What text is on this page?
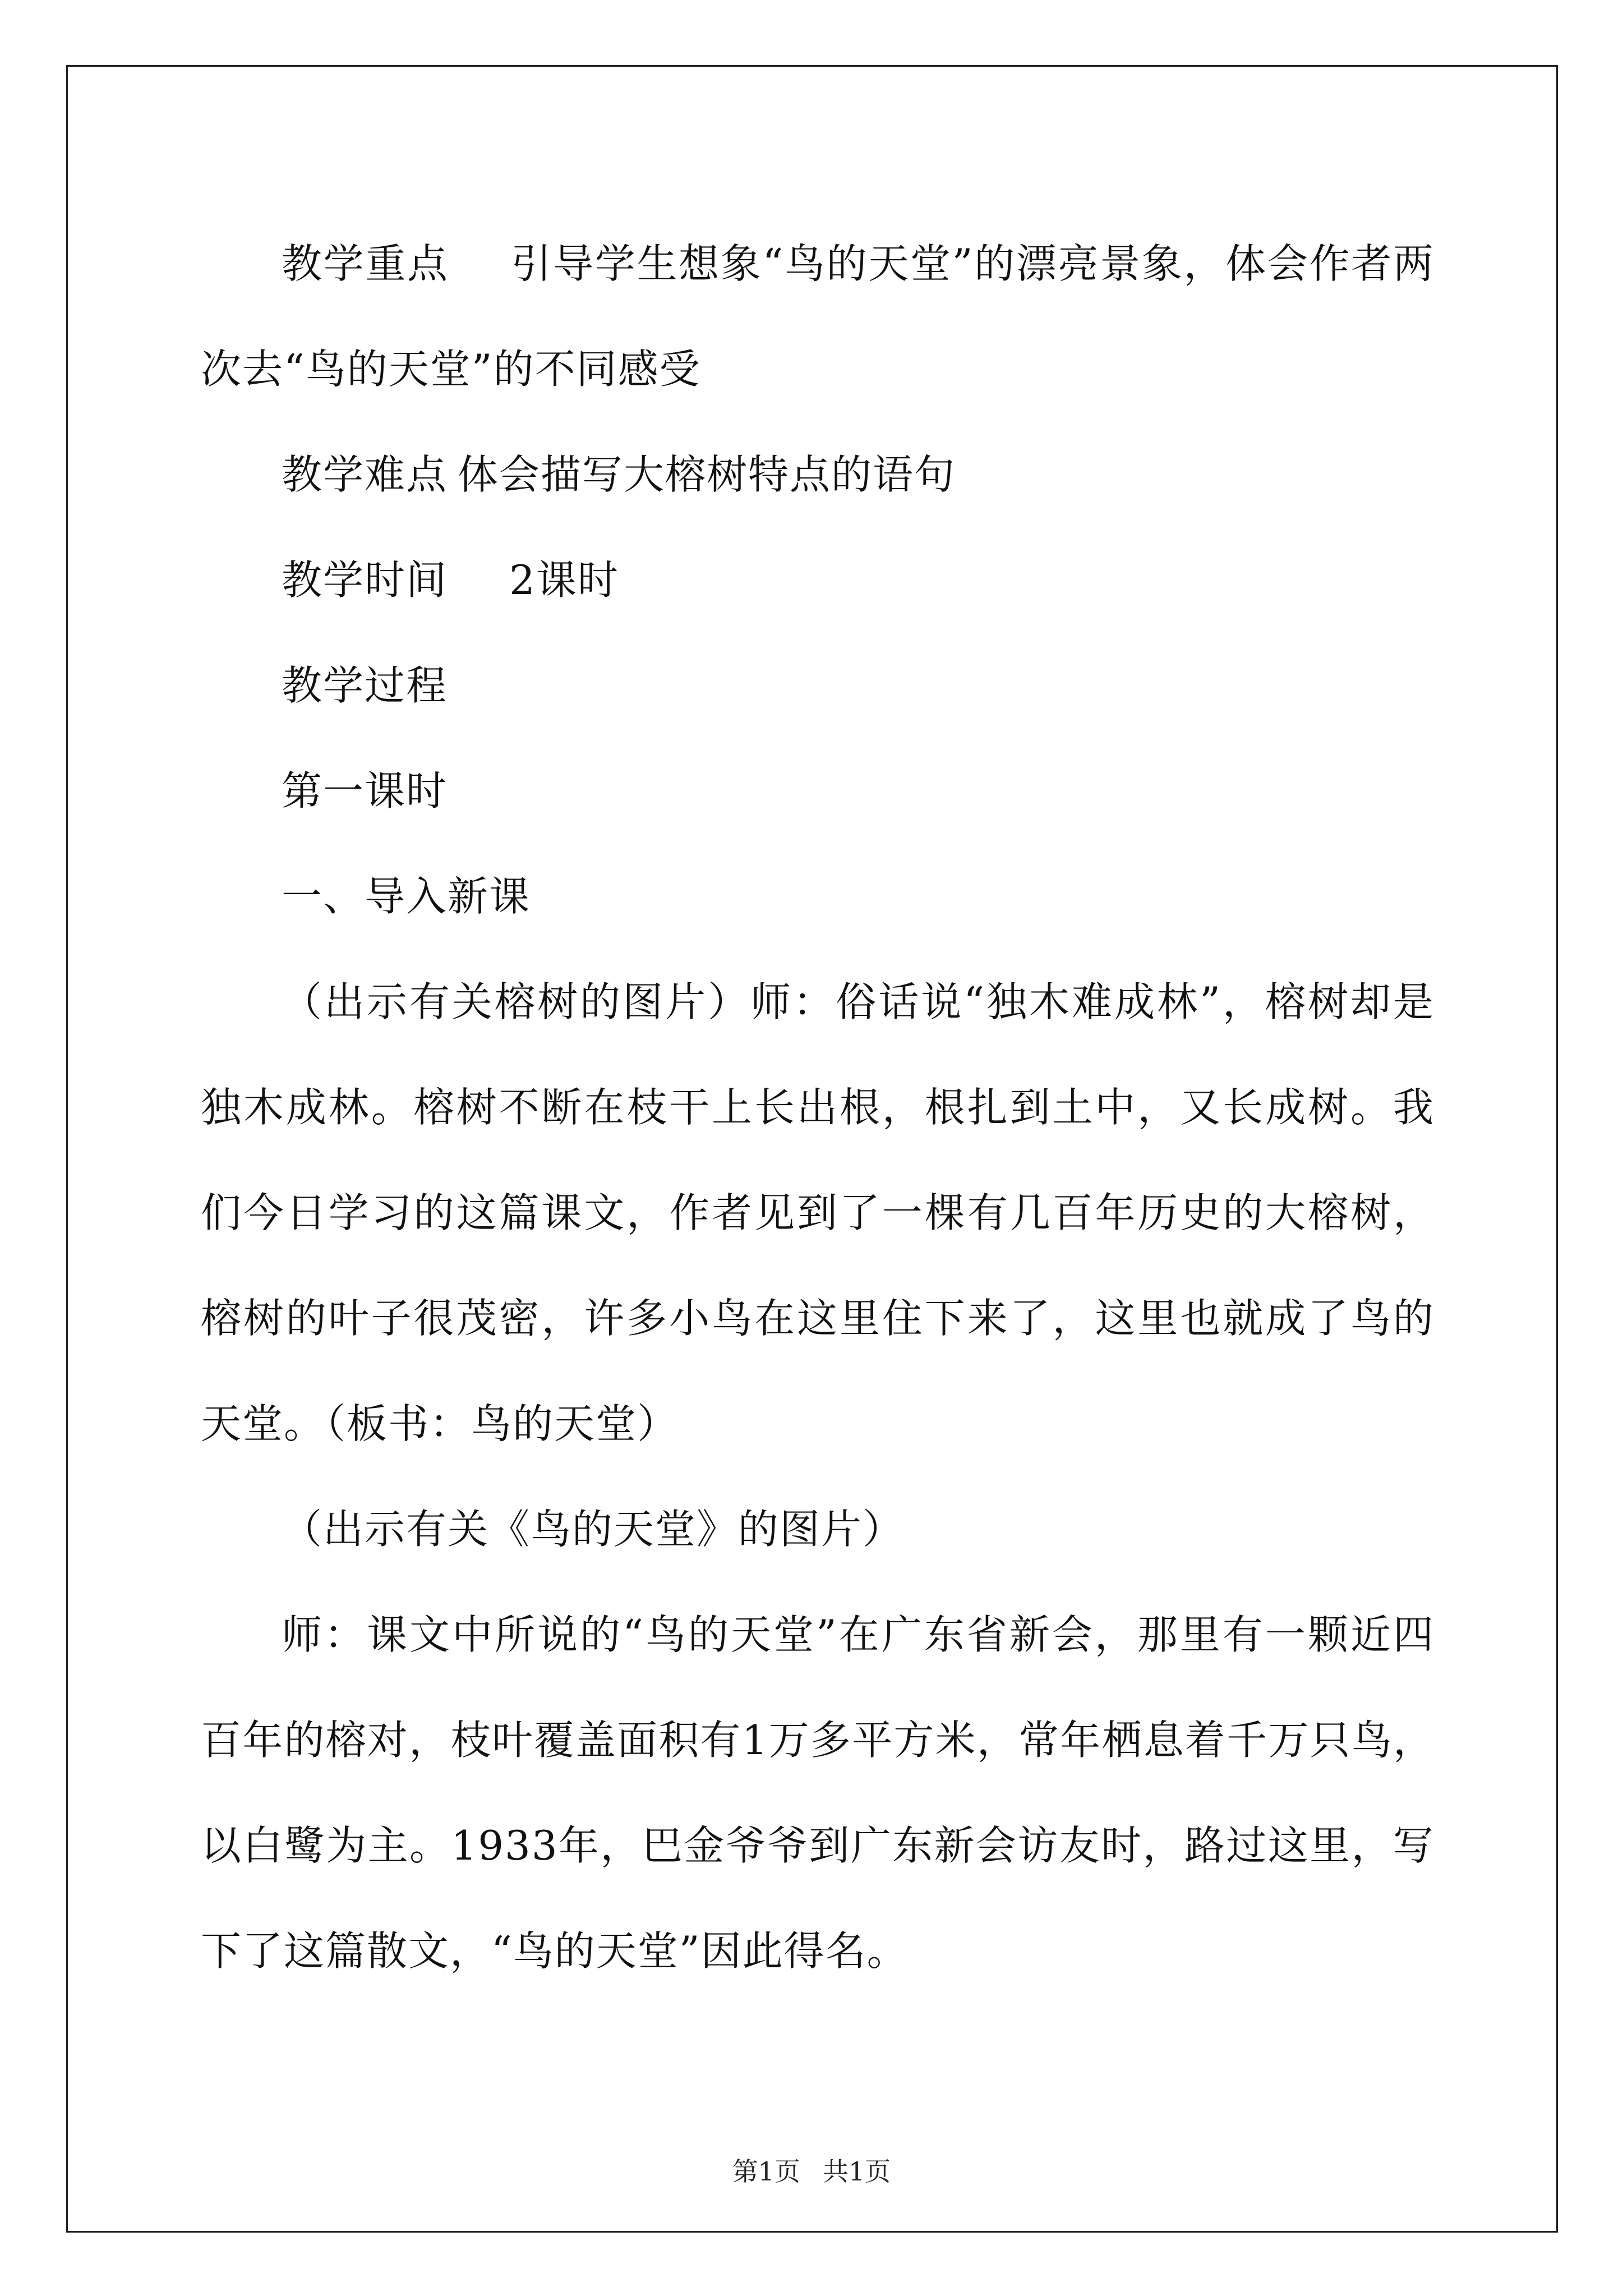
教学重点 引导学生想象“鸟的天堂”的漂亮景象，体会作者两次去“鸟的天堂”的不同感受

教学难点 体会描写大榕树特点的语句

教学时间 2课时

教学过程

第一课时

一、导入新课

（出示有关榕树的图片）师：俗话说“独木难成林”，榕树却是独木成林。榕树不断在枝干上长出根，根扎到土中，又长成树。我们今日学习的这篇课文，作者见到了一棵有几百年历史的大榕树，榕树的叶子很茂密，许多小鸟在这里住下来了，这里也就成了鸟的天堂。（板书：鸟的天堂）

（出示有关《鸟的天堂》的图片）

师：课文中所说的“鸟的天堂”在广东省新会，那里有一颗近四百年的榕对，枝叶覆盖面积有1万多平方米，常年栖息着千万只鸟，以白鹭为主。1933年，巴金爷爷到广东新会访友时，路过这里，写下了这篇散文，“鸟的天堂”因此得名。

第1页 共1页
